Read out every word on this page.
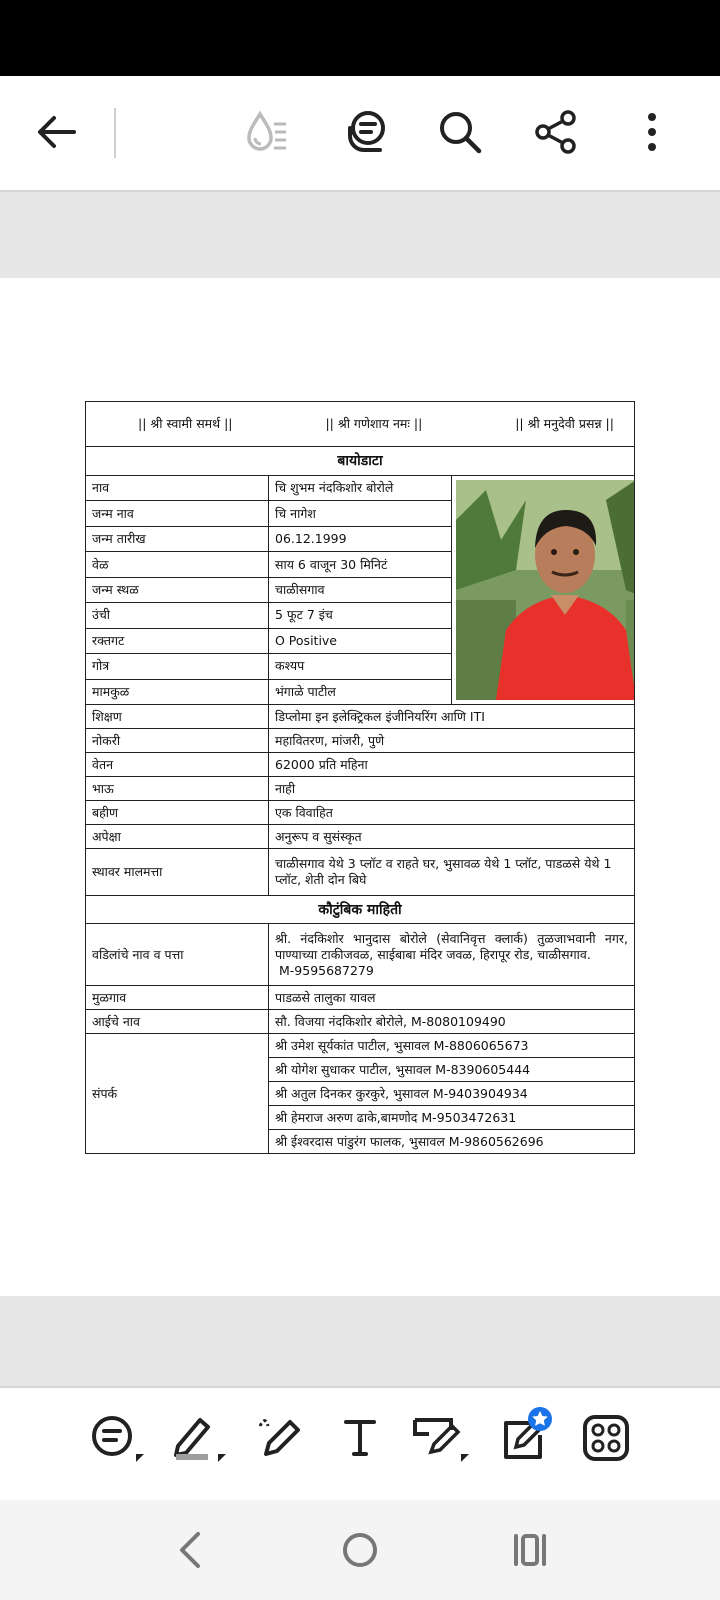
|| श्री स्वामी समर्थ || || श्री गणेशाय नमः || || श्री मनुदेवी प्रसन्न ||		

बायोडाटा		
नाव	चि शुभम नंदकिशोर बोरोले	

जन्म नाव	चि नागेश	
जन्म तारीख	06.12.1999	
वेळ	साय 6 वाजून 30 मिनिटं	
जन्म स्थळ	चाळीसगाव	
उंची	5 फूट 7 इंच	
रक्तगट	O Positive	
गोत्र	कश्यप	
मामकुळ	भंगाळे पाटील	
शिक्षण	डिप्लोमा इन इलेक्ट्रिकल इंजीनियरिंग आणि ITI	
नोकरी	महावितरण, मांजरी, पुणे	
वेतन	62000 प्रति महिना	
भाऊ	नाही	
बहीण	एक विवाहित	
अपेक्षा	अनुरूप व सुसंस्कृत	
स्थावर मालमत्ता	चाळीसगाव येथे 3 प्लॉट व राहते घर, भुसावळ येथे 1 प्लॉट, पाडळसे येथे 1 प्लॉट, शेती दोन बिघे	
कौटुंबिक माहिती		
वडिलांचे नाव व पत्ता	श्री. नंदकिशोर भानुदास बोरोले (सेवानिवृत्त क्लार्क) तुळजाभवानी नगर, पाण्याच्या टाकीजवळ, साईबाबा मंदिर जवळ, हिरापूर रोड, चाळीसगाव.
M-9595687279	

मुळगाव	पाडळसे तालुका यावल	
आईचे नाव	सौ. विजया नंदकिशोर बोरोले, M-8080109490	
संपर्क	श्री उमेश सूर्यकांत पाटील, भुसावल M-8806065673	
	श्री योगेश सुधाकर पाटील, भुसावल M-8390605444	
	श्री अतुल दिनकर कुरकुरे, भुसावल M-9403904934	
	श्री हेमराज अरुण ढाके,बामणोद M-9503472631	
	श्री ईश्वरदास पांडुरंग फालक, भुसावल M-9860562696	
